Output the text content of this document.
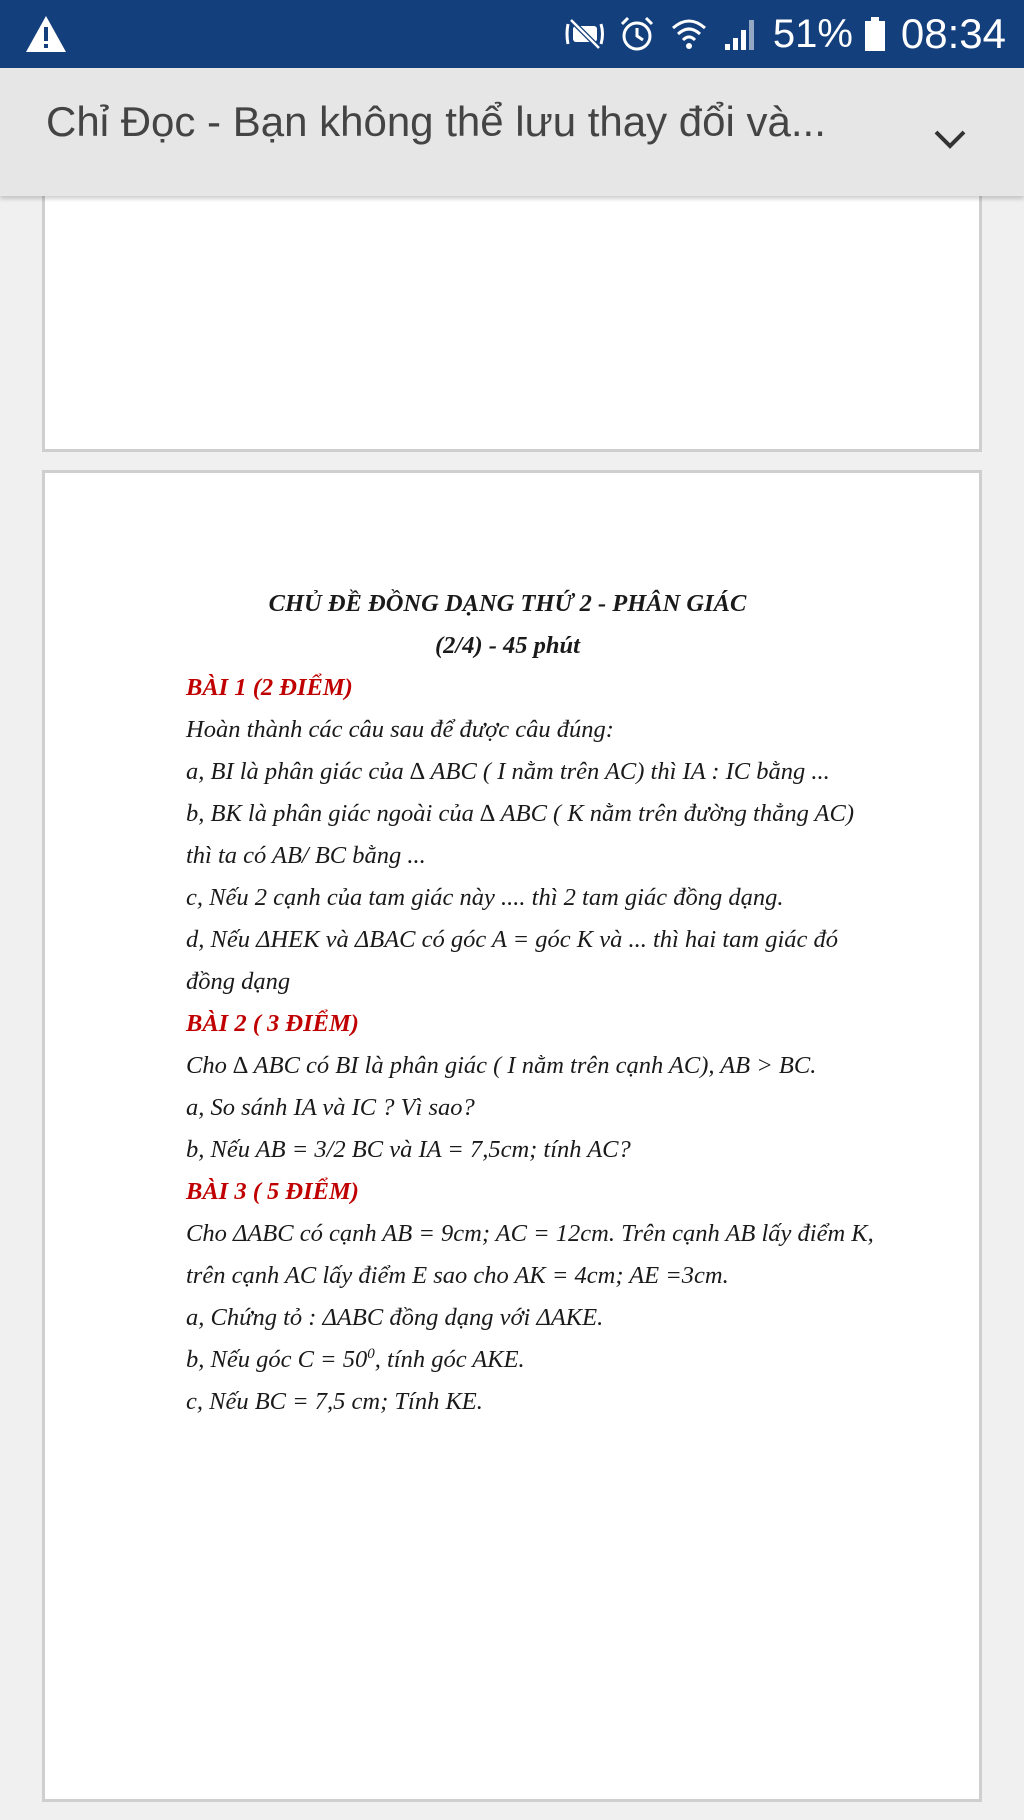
51% 08:34
Chỉ Đọc - Bạn không thể lưu thay đổi và...
CHỦ ĐỀ ĐỒNG DẠNG THỨ 2 - PHÂN GIÁC
(2/4) - 45 phút
BÀI 1 (2 ĐIỂM)
Hoàn thành các câu sau để được câu đúng:
a, BI là phân giác của ∆ ABC ( I nằm trên AC) thì IA : IC bằng ...
b, BK là phân giác ngoài của ∆ ABC ( K nằm trên đường thẳng AC)
thì ta có AB/ BC bằng ...
c, Nếu 2 cạnh của tam giác này .... thì 2 tam giác đồng dạng.
d, Nếu ΔHEK và ΔBAC có góc A = góc K và ... thì hai tam giác đó
đồng dạng
BÀI 2 ( 3 ĐIỂM)
Cho ∆ ABC có BI là phân giác ( I nằm trên cạnh AC), AB > BC.
a, So sánh IA và IC ? Vì sao?
b, Nếu AB = 3/2 BC và IA = 7,5cm; tính AC?
BÀI 3 ( 5 ĐIỂM)
Cho ΔABC có cạnh AB = 9cm; AC = 12cm. Trên cạnh AB lấy điểm K,
trên cạnh AC lấy điểm E sao cho AK = 4cm; AE =3cm.
a, Chứng tỏ : ΔABC đồng dạng với ΔAKE.
b, Nếu góc $C = 50^0$, tính góc AKE.
c, Nếu BC = 7,5 cm; Tính KE.
